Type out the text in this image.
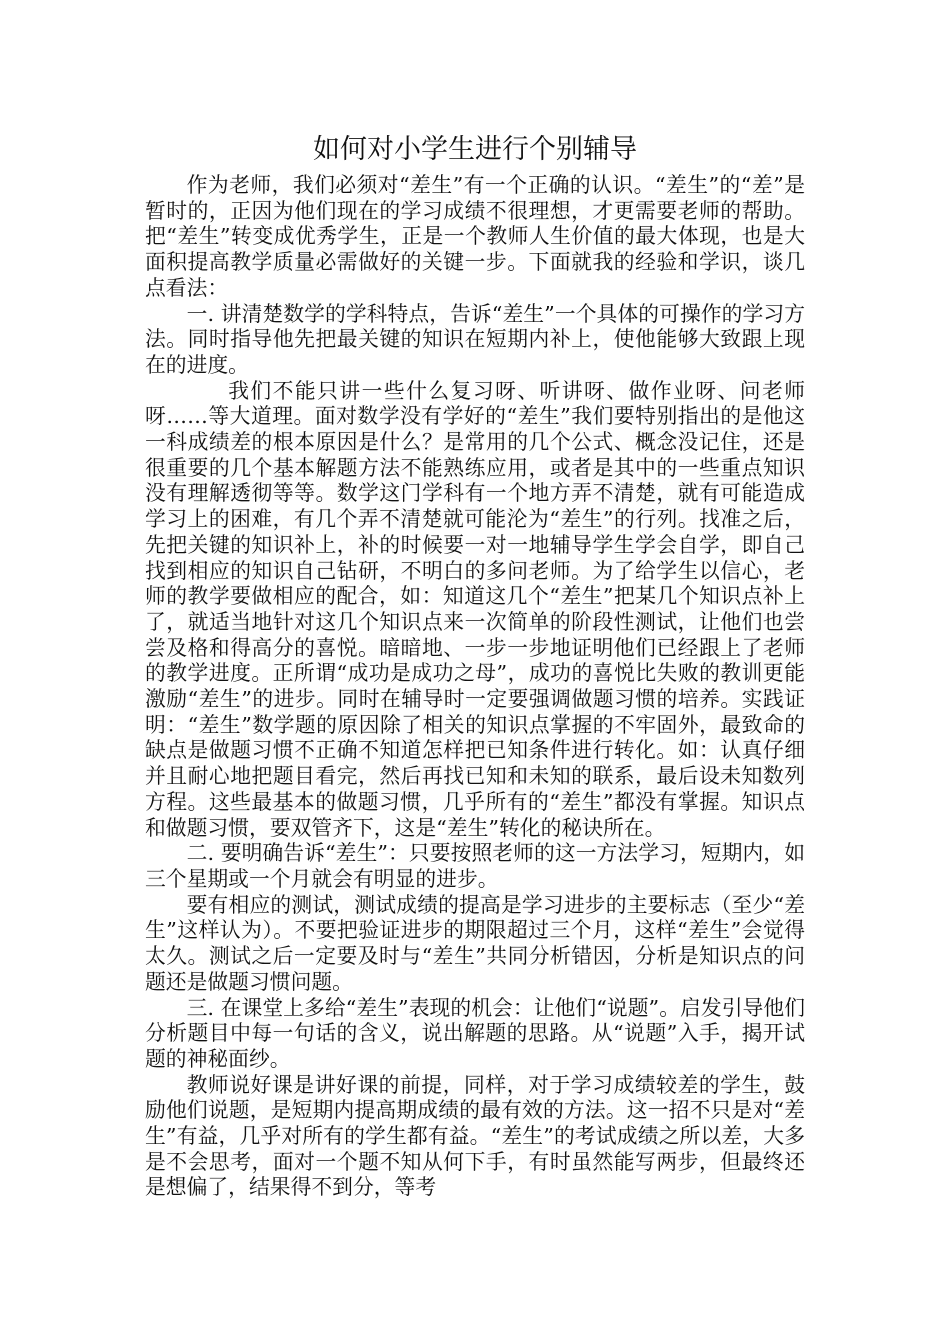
如何对小学生进行个别辅导

作为老师，我们必须对“差生”有一个正确的认识。“差生”的“差”是暂时的，正因为他们现在的学习成绩不很理想，才更需要老师的帮助。把“差生”转变成优秀学生，正是一个教师人生价值的最大体现，也是大面积提高教学质量必需做好的关键一步。下面就我的经验和学识，谈几点看法：

一. 讲清楚数学的学科特点，告诉“差生”一个具体的可操作的学习方法。同时指导他先把最关键的知识在短期内补上，使他能够大致跟上现在的进度。

我们不能只讲一些什么复习呀、听讲呀、做作业呀、问老师呀……等大道理。面对数学没有学好的“差生”我们要特别指出的是他这一科成绩差的根本原因是什么？是常用的几个公式、概念没记住，还是很重要的几个基本解题方法不能熟练应用，或者是其中的一些重点知识没有理解透彻等等。数学这门学科有一个地方弄不清楚，就有可能造成学习上的困难，有几个弄不清楚就可能沦为“差生”的行列。找准之后，先把关键的知识补上，补的时候要一对一地辅导学生学会自学，即自己找到相应的知识自己钻研，不明白的多问老师。为了给学生以信心，老师的教学要做相应的配合，如：知道这几个“差生”把某几个知识点补上了，就适当地针对这几个知识点来一次简单的阶段性测试，让他们也尝尝及格和得高分的喜悦。暗暗地、一步一步地证明他们已经跟上了老师的教学进度。正所谓“成功是成功之母”，成功的喜悦比失败的教训更能激励“差生”的进步。同时在辅导时一定要强调做题习惯的培养。实践证明：“差生”数学题的原因除了相关的知识点掌握的不牢固外，最致命的缺点是做题习惯不正确不知道怎样把已知条件进行转化。如：认真仔细并且耐心地把题目看完，然后再找已知和未知的联系，最后设未知数列方程。这些最基本的做题习惯，几乎所有的“差生”都没有掌握。知识点和做题习惯，要双管齐下，这是“差生”转化的秘诀所在。

二. 要明确告诉“差生”：只要按照老师的这一方法学习，短期内，如三个星期或一个月就会有明显的进步。

要有相应的测试，测试成绩的提高是学习进步的主要标志（至少“差生”这样认为）。不要把验证进步的期限超过三个月，这样“差生”会觉得太久。测试之后一定要及时与“差生”共同分析错因，分析是知识点的问题还是做题习惯问题。

三. 在课堂上多给“差生”表现的机会：让他们“说题”。启发引导他们分析题目中每一句话的含义，说出解题的思路。从“说题”入手，揭开试题的神秘面纱。

教师说好课是讲好课的前提，同样，对于学习成绩较差的学生，鼓励他们说题，是短期内提高期成绩的最有效的方法。这一招不只是对“差生”有益，几乎对所有的学生都有益。“差生”的考试成绩之所以差，大多是不会思考，面对一个题不知从何下手，有时虽然能写两步，但最终还是想偏了，结果得不到分，等考
